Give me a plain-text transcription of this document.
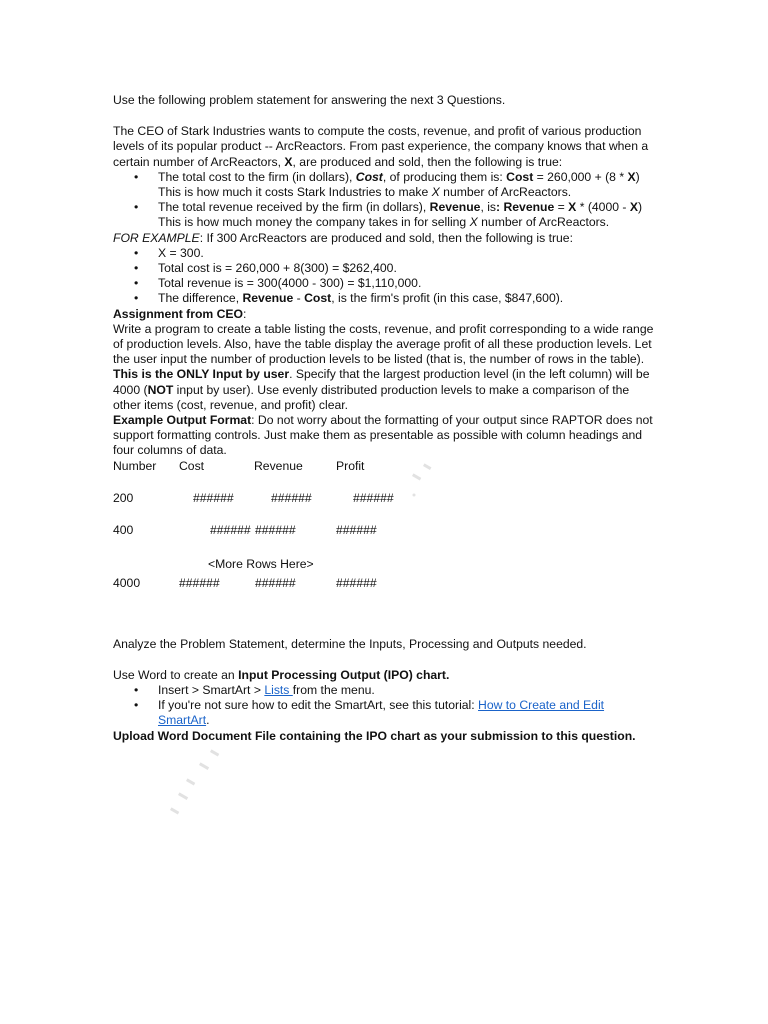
Use the following problem statement for answering the next 3 Questions.

The CEO of Stark Industries wants to compute the costs, revenue, and profit of various production levels of its popular product -- ArcReactors. From past experience, the company knows that when a certain number of ArcReactors, X, are produced and sold, then the following is true:

• The total cost to the firm (in dollars), Cost, of producing them is: Cost = 260,000 + (8 * X) This is how much it costs Stark Industries to make X number of ArcReactors.
• The total revenue received by the firm (in dollars), Revenue, is: Revenue = X * (4000 - X) This is how much money the company takes in for selling X number of ArcReactors.

FOR EXAMPLE: If 300 ArcReactors are produced and sold, then the following is true:

• X = 300.
• Total cost is = 260,000 + 8(300) = $262,400.
• Total revenue is = 300(4000 - 300) = $1,110,000.
• The difference, Revenue - Cost, is the firm's profit (in this case, $847,600).

Assignment from CEO:

Write a program to create a table listing the costs, revenue, and profit corresponding to a wide range of production levels. Also, have the table display the average profit of all these production levels. Let the user input the number of production levels to be listed (that is, the number of rows in the table). This is the ONLY Input by user. Specify that the largest production level (in the left column) will be 4000 (NOT input by user). Use evenly distributed production levels to make a comparison of the other items (cost, revenue, and profit) clear.

Example Output Format: Do not worry about the formatting of your output since RAPTOR does not support formatting controls. Just make them as presentable as possible with column headings and four columns of data.

Number Cost	Revenue	Profit
200	######	######	######
400	###### ######	######
<More Rows Here>
4000	######	######	######

Analyze the Problem Statement, determine the Inputs, Processing and Outputs needed.

Use Word to create an Input Processing Output (IPO) chart.

• Insert > SmartArt > Lists from the menu.
• If you're not sure how to edit the SmartArt, see this tutorial: How to Create and Edit SmartArt.

Upload Word Document File containing the IPO chart as your submission to this question.
